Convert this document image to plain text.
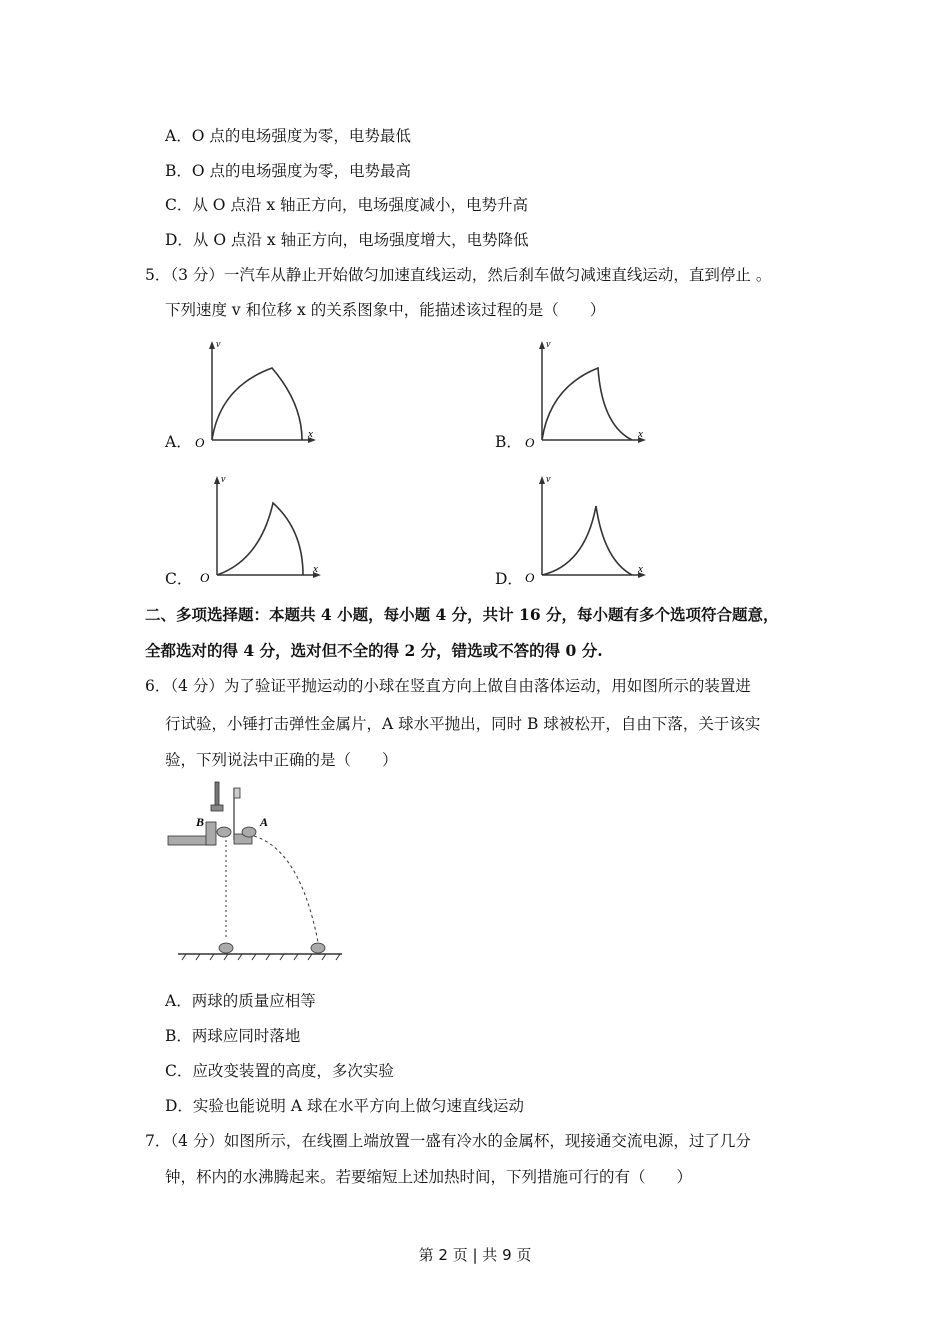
A．O 点的电场强度为零，电势最低
B．O 点的电场强度为零，电势最高
C．从 O 点沿 x 轴正方向，电场强度减小，电势升高
D．从 O 点沿 x 轴正方向，电场强度增大，电势降低
5．（3 分）一汽车从静止开始做匀加速直线运动，然后刹车做匀减速直线运动，直到停止 。
下列速度 v 和位移 x 的关系图象中，能描述该过程的是（　　）
A． O
x
v
B． O
x
v
C． O
x
v
D． O
x
v
二、多项选择题：本题共 4 小题，每小题 4 分，共计 16 分，每小题有多个选项符合题意，
全都选对的得 4 分，选对但不全的得 2 分，错选或不答的得 0 分.
6．（4 分）为了验证平抛运动的小球在竖直方向上做自由落体运动，用如图所示的装置进
行试验，小锤打击弹性金属片，A 球水平抛出，同时 B 球被松开，自由下落，关于该实
验，下列说法中正确的是（　　）
B	A
A．两球的质量应相等
B．两球应同时落地
C．应改变装置的高度，多次实验
D．实验也能说明 A 球在水平方向上做匀速直线运动
7．（4 分）如图所示，在线圈上端放置一盛有冷水的金属杯，现接通交流电源，过了几分
钟，杯内的水沸腾起来。若要缩短上述加热时间，下列措施可行的有（　　）
第 2 页 | 共 9 页
